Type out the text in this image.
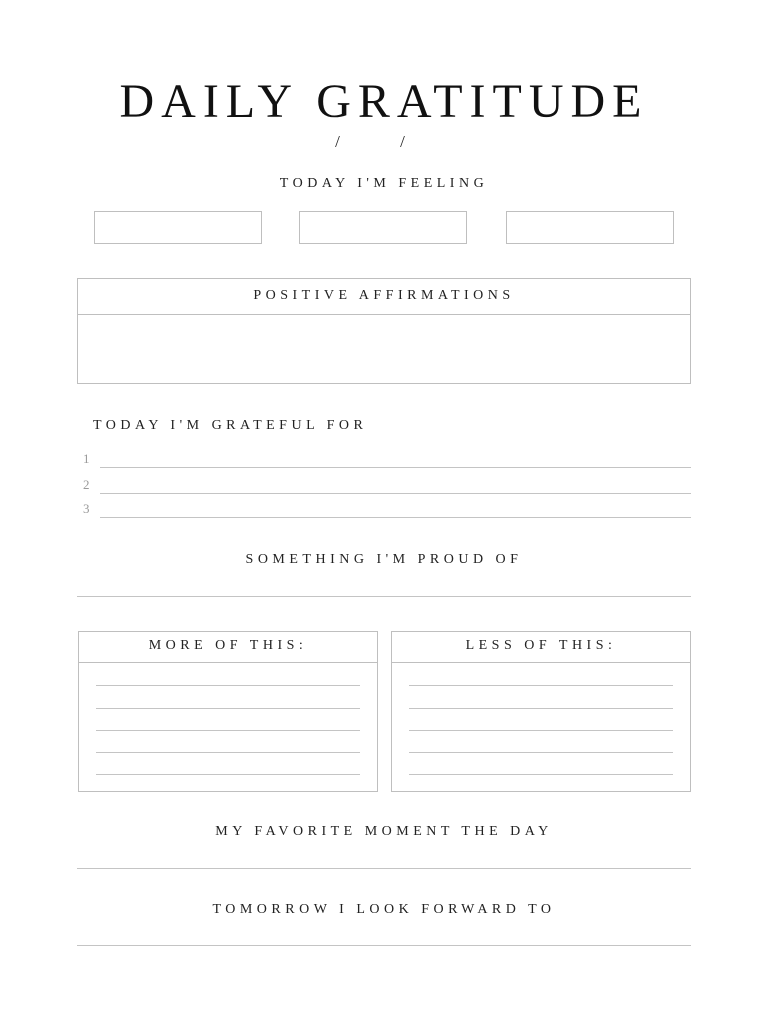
DAILY GRATITUDE
/ /
TODAY I'M FEELING
POSITIVE AFFIRMATIONS
TODAY I'M GRATEFUL FOR
1
2
3
SOMETHING I'M PROUD OF
MORE OF THIS:	LESS OF THIS:
MY FAVORITE MOMENT THE DAY
TOMORROW I LOOK FORWARD TO
